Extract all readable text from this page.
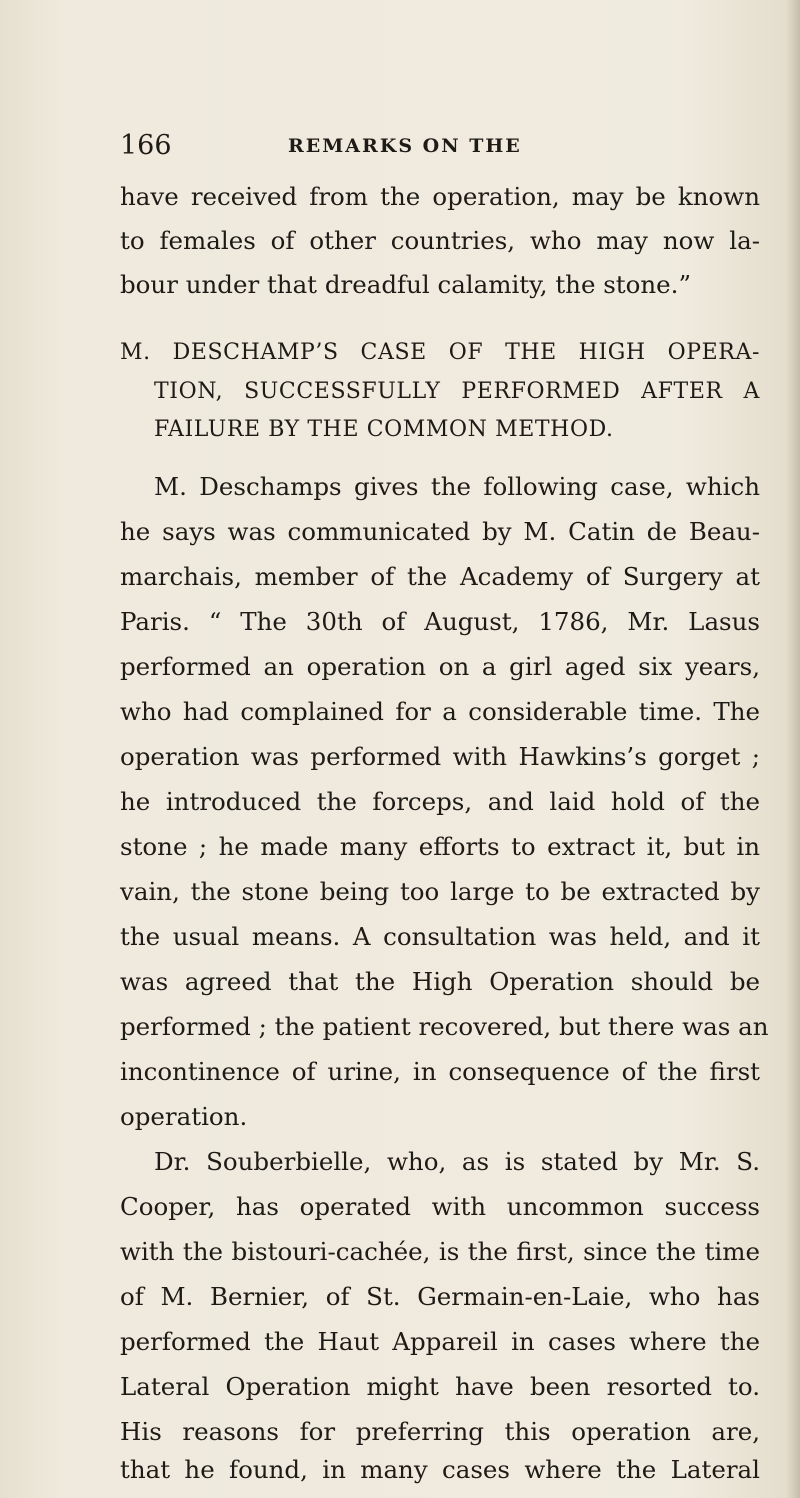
166	REMARKS ON THE
have received from the operation, may be known
to females of other countries, who may now la-
bour under that dreadful calamity, the stone.”
M. DESCHAMP’S CASE OF THE HIGH OPERA-
TION, SUCCESSFULLY PERFORMED AFTER A
FAILURE BY THE COMMON METHOD.
M. Deschamps gives the following case, which
he says was communicated by M. Catin de Beau-
marchais, member of the Academy of Surgery at
Paris. “ The 30th of August, 1786, Mr. Lasus
performed an operation on a girl aged six years,
who had complained for a considerable time. The
operation was performed with Hawkins’s gorget ;
he introduced the forceps, and laid hold of the
stone ; he made many efforts to extract it, but in
vain, the stone being too large to be extracted by
the usual means. A consultation was held, and it
was agreed that the High Operation should be
performed ; the patient recovered, but there was an
incontinence of urine, in consequence of the first
operation.
Dr. Souberbielle, who, as is stated by Mr. S.
Cooper, has operated with uncommon success
with the bistouri-cachée, is the first, since the time
of M. Bernier, of St. Germain-en-Laie, who has
performed the Haut Appareil in cases where the
Lateral Operation might have been resorted to.
His reasons for preferring this operation are,
that he found, in many cases where the Lateral
